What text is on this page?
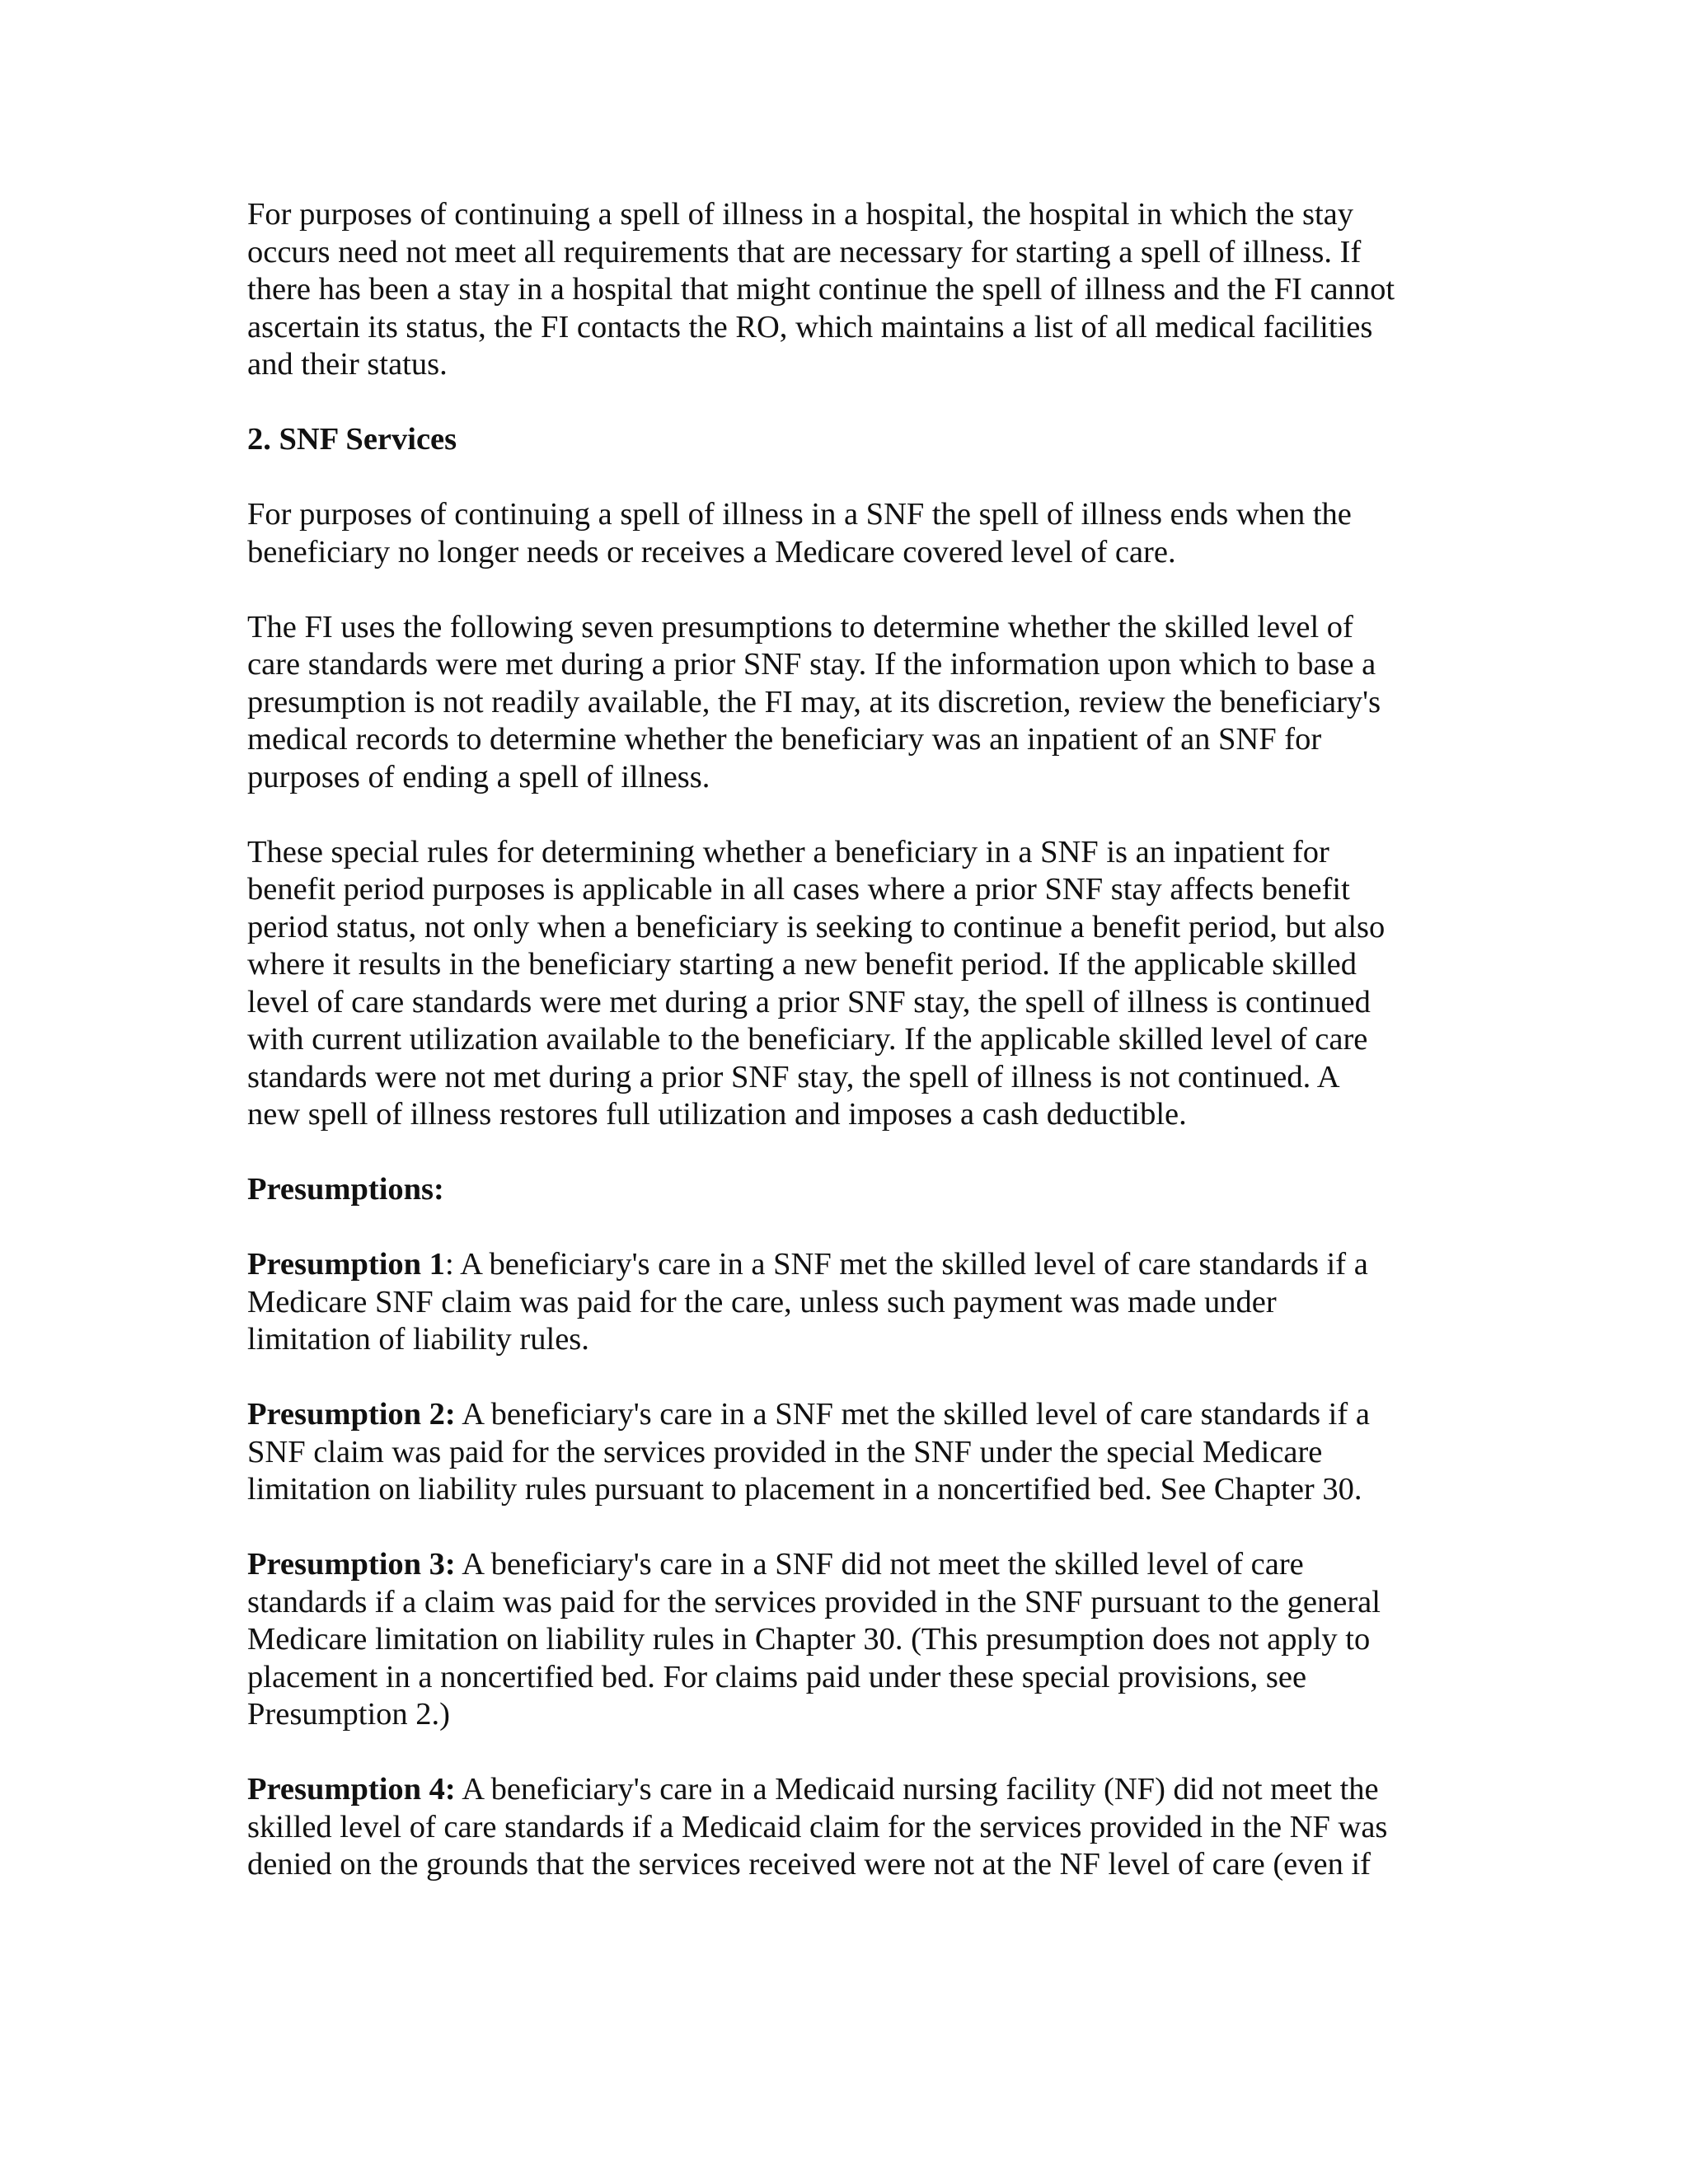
For purposes of continuing a spell of illness in a hospital, the hospital in which the stay
occurs need not meet all requirements that are necessary for starting a spell of illness. If
there has been a stay in a hospital that might continue the spell of illness and the FI cannot
ascertain its status, the FI contacts the RO, which maintains a list of all medical facilities
and their status.

2. SNF Services

For purposes of continuing a spell of illness in a SNF the spell of illness ends when the
beneficiary no longer needs or receives a Medicare covered level of care.

The FI uses the following seven presumptions to determine whether the skilled level of
care standards were met during a prior SNF stay. If the information upon which to base a
presumption is not readily available, the FI may, at its discretion, review the beneficiary's
medical records to determine whether the beneficiary was an inpatient of an SNF for
purposes of ending a spell of illness.

These special rules for determining whether a beneficiary in a SNF is an inpatient for
benefit period purposes is applicable in all cases where a prior SNF stay affects benefit
period status, not only when a beneficiary is seeking to continue a benefit period, but also
where it results in the beneficiary starting a new benefit period. If the applicable skilled
level of care standards were met during a prior SNF stay, the spell of illness is continued
with current utilization available to the beneficiary. If the applicable skilled level of care
standards were not met during a prior SNF stay, the spell of illness is not continued. A
new spell of illness restores full utilization and imposes a cash deductible.

Presumptions:

Presumption 1: A beneficiary's care in a SNF met the skilled level of care standards if a
Medicare SNF claim was paid for the care, unless such payment was made under
limitation of liability rules.

Presumption 2: A beneficiary's care in a SNF met the skilled level of care standards if a
SNF claim was paid for the services provided in the SNF under the special Medicare
limitation on liability rules pursuant to placement in a noncertified bed. See Chapter 30.

Presumption 3: A beneficiary's care in a SNF did not meet the skilled level of care
standards if a claim was paid for the services provided in the SNF pursuant to the general
Medicare limitation on liability rules in Chapter 30. (This presumption does not apply to
placement in a noncertified bed. For claims paid under these special provisions, see
Presumption 2.)

Presumption 4: A beneficiary's care in a Medicaid nursing facility (NF) did not meet the
skilled level of care standards if a Medicaid claim for the services provided in the NF was
denied on the grounds that the services received were not at the NF level of care (even if
